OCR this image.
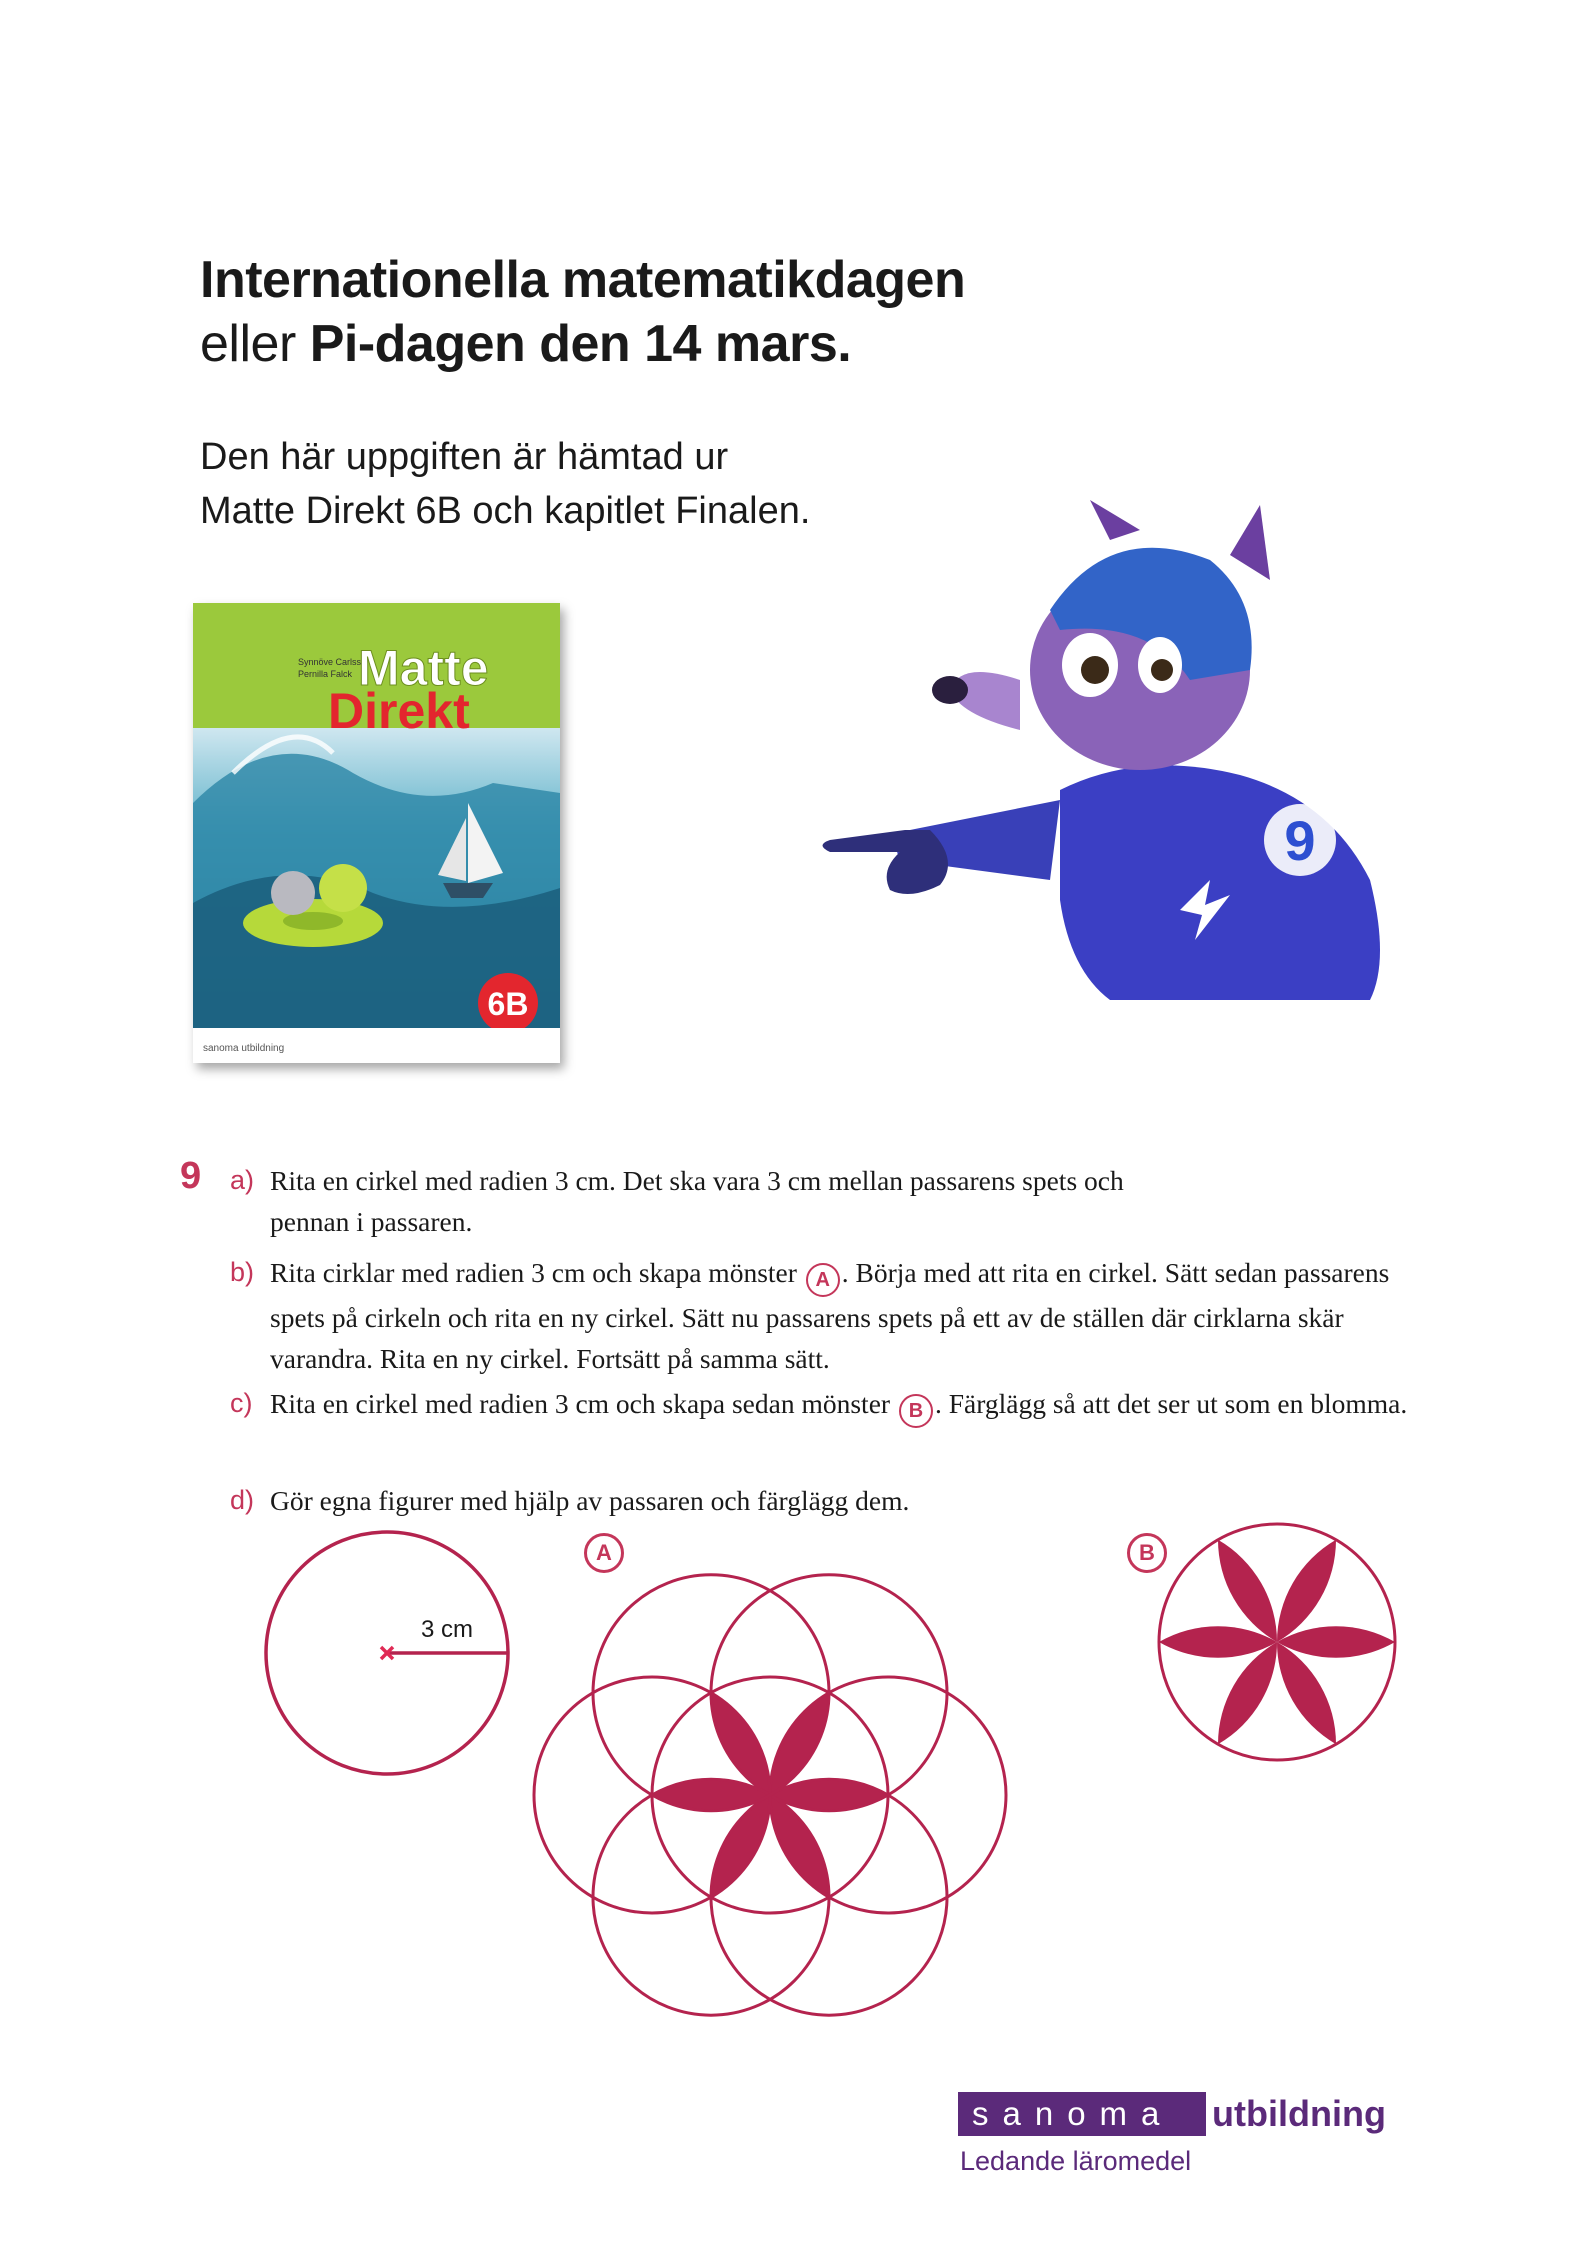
Internationella matematikdagen
eller Pi-dagen den 14 mars.
Den här uppgiften är hämtad ur
Matte Direkt 6B och kapitlet Finalen.
Synnöve Carlsson
Pernilla Falck Matte
Direkt
6B
sanoma utbildning
9
9 a) Rita en cirkel med radien 3 cm. Det ska vara 3 cm mellan passarens spets och pennan i passaren.
b) Rita cirklar med radien 3 cm och skapa mönster A . Börja med att rita en cirkel. Sätt sedan passarens spets på cirkeln och rita en ny cirkel. Sätt nu passarens spets på ett av de ställen där cirklarna skär varandra. Rita en ny cirkel. Fortsätt på samma sätt.
c) Rita en cirkel med radien 3 cm och skapa sedan mönster B . Färglägg så att det ser ut som en blomma.
d) Gör egna figurer med hjälp av passaren och färglägg dem.
3 cm
A	B
sanoma	utbildning
Ledande läromedel
